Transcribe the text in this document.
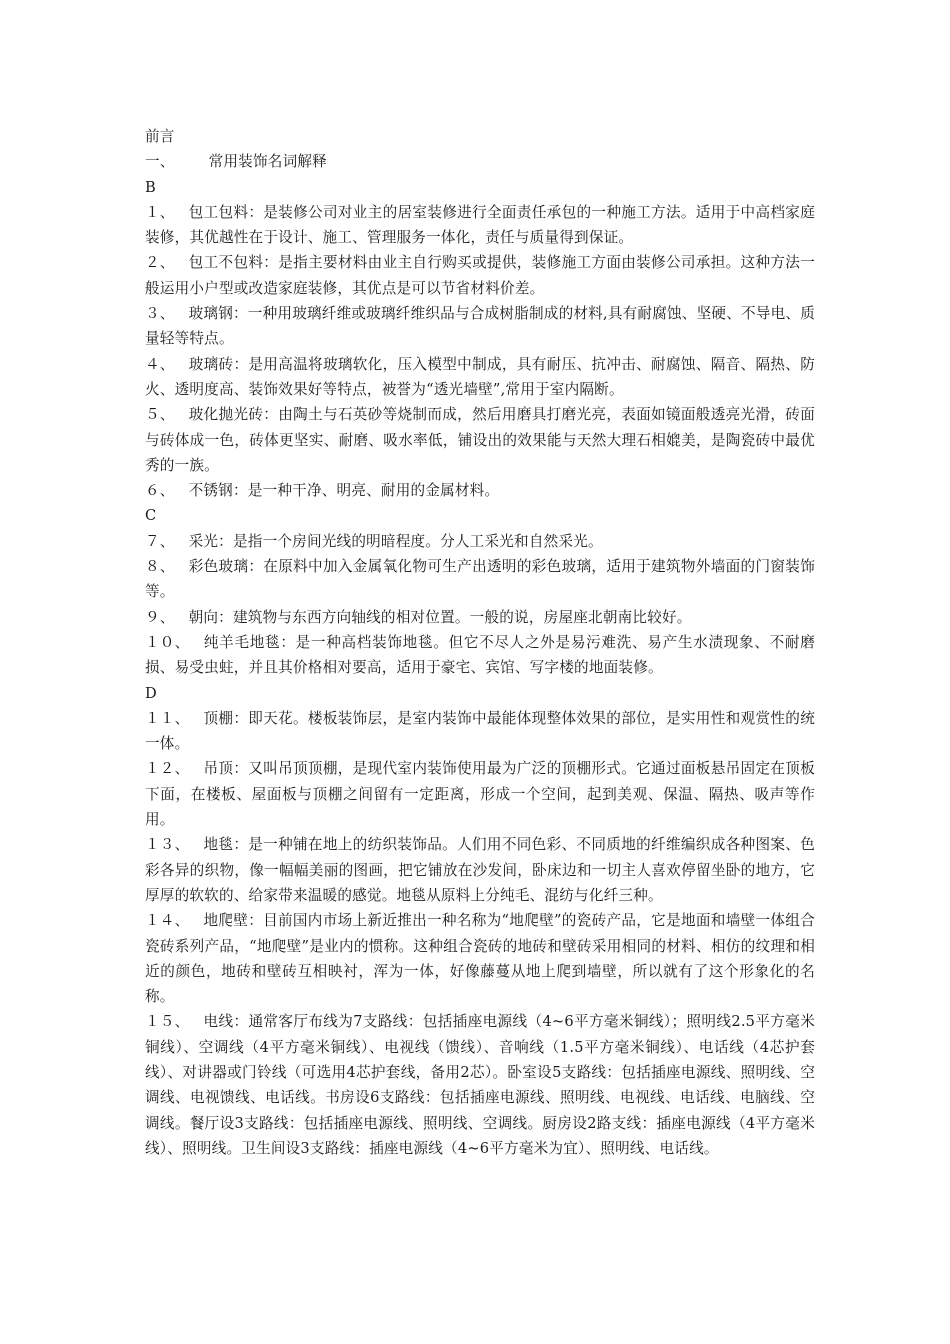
前言
一、 常用装饰名词解释
B
１、 包工包料：是装修公司对业主的居室装修进行全面责任承包的一种施工方法。适用于中高档家庭装修，其优越性在于设计、施工、管理服务一体化，责任与质量得到保证。
２、 包工不包料：是指主要材料由业主自行购买或提供，装修施工方面由装修公司承担。这种方法一般运用小户型或改造家庭装修，其优点是可以节省材料价差。
３、 玻璃钢：一种用玻璃纤维或玻璃纤维织品与合成树脂制成的材料,具有耐腐蚀、坚硬、不导电、质量轻等特点。
４、 玻璃砖：是用高温将玻璃软化，压入模型中制成，具有耐压、抗冲击、耐腐蚀、隔音、隔热、防火、透明度高、装饰效果好等特点，被誉为“透光墙壁”,常用于室内隔断。
５、 玻化抛光砖：由陶土与石英砂等烧制而成，然后用磨具打磨光亮，表面如镜面般透亮光滑，砖面与砖体成一色，砖体更坚实、耐磨、吸水率低，铺设出的效果能与天然大理石相媲美，是陶瓷砖中最优秀的一族。
６、 不锈钢：是一种干净、明亮、耐用的金属材料。
C
７、 采光：是指一个房间光线的明暗程度。分人工采光和自然采光。
８、 彩色玻璃：在原料中加入金属氧化物可生产出透明的彩色玻璃，适用于建筑物外墙面的门窗装饰等。
９、 朝向：建筑物与东西方向轴线的相对位置。一般的说，房屋座北朝南比较好。
１０、 纯羊毛地毯：是一种高档装饰地毯。但它不尽人之外是易污难洗、易产生水渍现象、不耐磨损、易受虫蛀，并且其价格相对要高，适用于豪宅、宾馆、写字楼的地面装修。
D
１１、 顶棚：即天花。楼板装饰层，是室内装饰中最能体现整体效果的部位，是实用性和观赏性的统一体。
１２、 吊顶：又叫吊顶顶棚，是现代室内装饰使用最为广泛的顶棚形式。它通过面板悬吊固定在顶板下面，在楼板、屋面板与顶棚之间留有一定距离，形成一个空间，起到美观、保温、隔热、吸声等作用。
１３、 地毯：是一种铺在地上的纺织装饰品。人们用不同色彩、不同质地的纤维编织成各种图案、色彩各异的织物，像一幅幅美丽的图画，把它铺放在沙发间，卧床边和一切主人喜欢停留坐卧的地方，它厚厚的软软的、给家带来温暖的感觉。地毯从原料上分纯毛、混纺与化纤三种。
１４、 地爬壁：目前国内市场上新近推出一种名称为“地爬壁”的瓷砖产品，它是地面和墙壁一体组合瓷砖系列产品，“地爬壁”是业内的惯称。这种组合瓷砖的地砖和壁砖采用相同的材料、相仿的纹理和相近的颜色，地砖和壁砖互相映衬，浑为一体，好像藤蔓从地上爬到墙壁，所以就有了这个形象化的名称。
１５、 电线：通常客厅布线为7支路线：包括插座电源线（4~6平方毫米铜线）；照明线2.5平方毫米铜线）、空调线（4平方毫米铜线）、电视线（馈线）、音响线（1.5平方毫米铜线）、电话线（4芯护套线）、对讲器或门铃线（可选用4芯护套线，备用2芯）。卧室设5支路线：包括插座电源线、照明线、空调线、电视馈线、电话线。书房设6支路线：包括插座电源线、照明线、电视线、电话线、电脑线、空调线。餐厅设3支路线：包括插座电源线、照明线、空调线。厨房设2路支线：插座电源线（4平方毫米线）、照明线。卫生间设3支路线：插座电源线（4~6平方毫米为宜）、照明线、电话线。
